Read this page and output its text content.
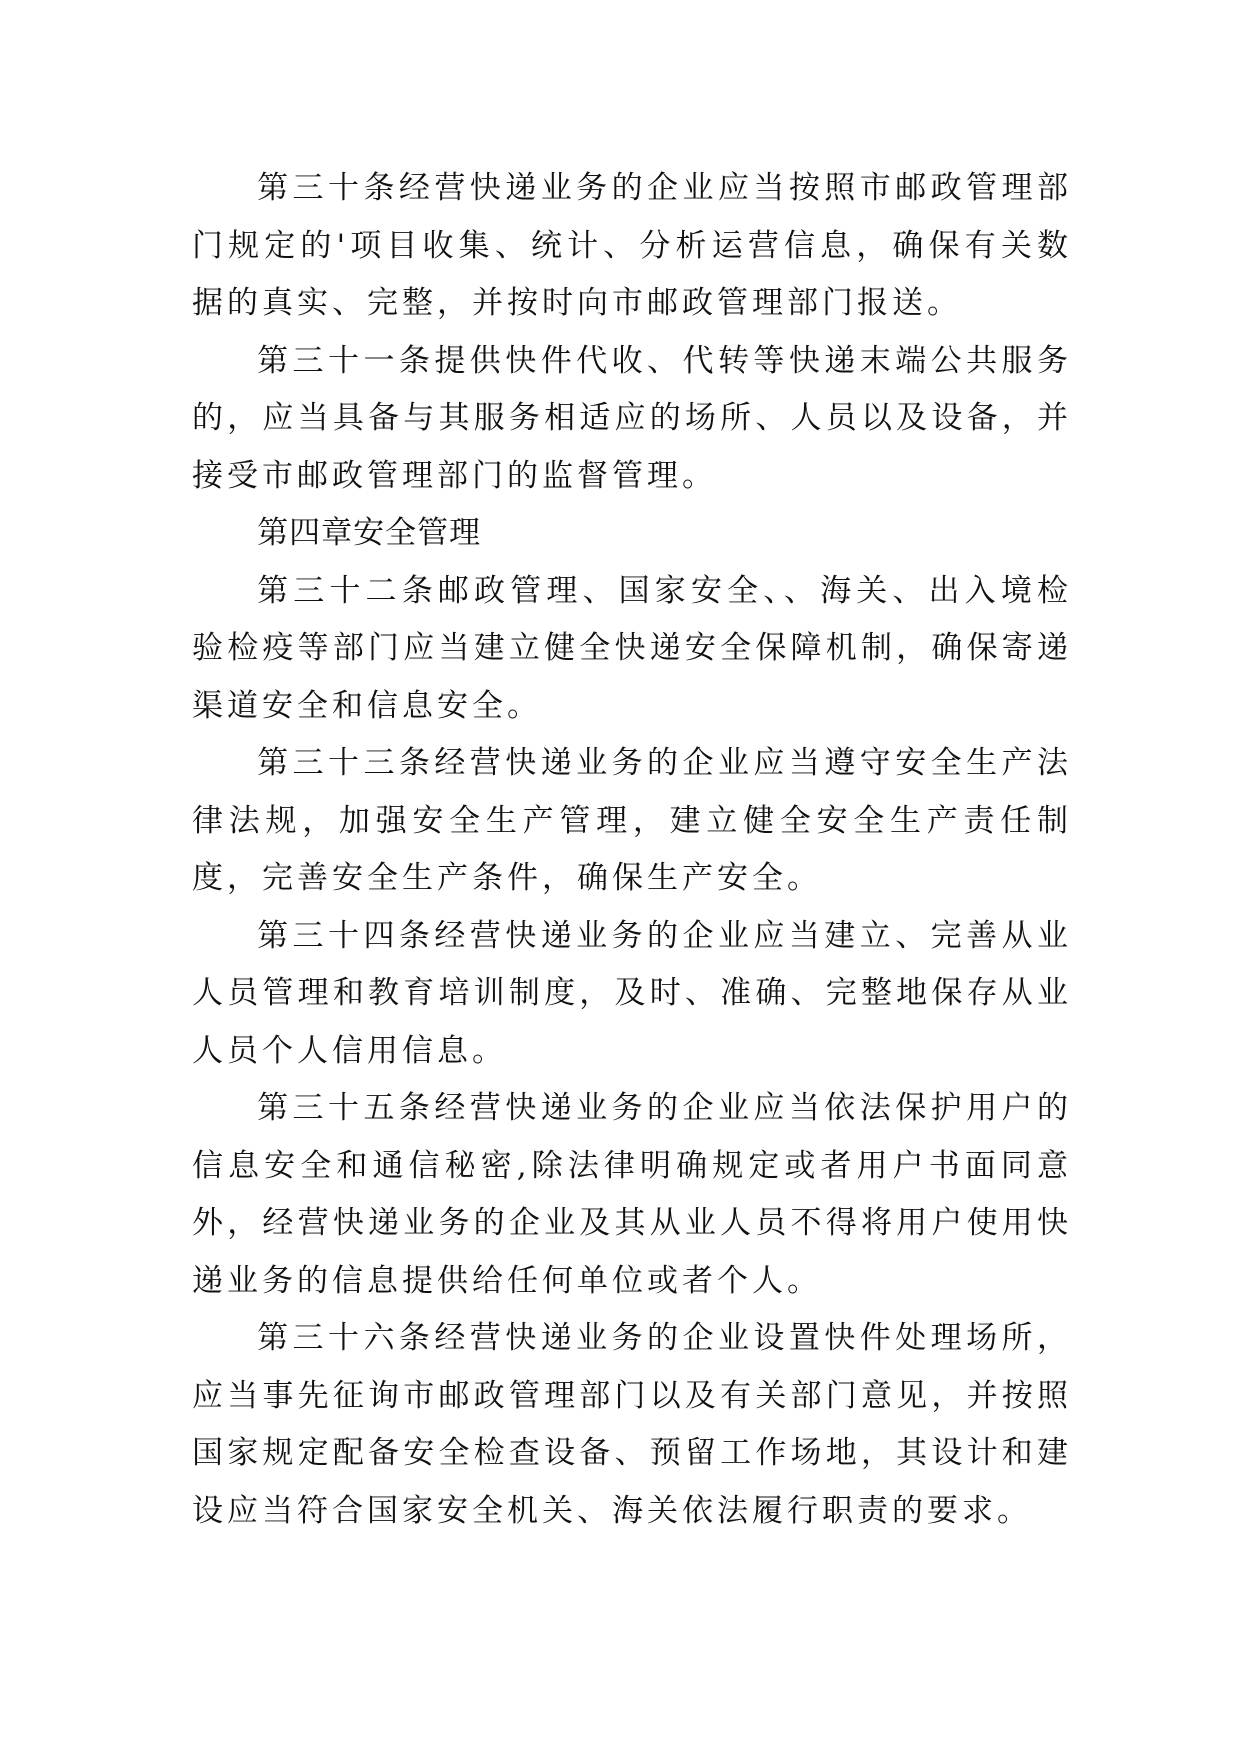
第三十条经营快递业务的企业应当按照市邮政管理部门规定的'项目收集、统计、分析运营信息，确保有关数据的真实、完整，并按时向市邮政管理部门报送。

第三十一条提供快件代收、代转等快递末端公共服务的，应当具备与其服务相适应的场所、人员以及设备，并接受市邮政管理部门的监督管理。

第四章安全管理

第三十二条邮政管理、国家安全、、海关、出入境检验检疫等部门应当建立健全快递安全保障机制，确保寄递渠道安全和信息安全。

第三十三条经营快递业务的企业应当遵守安全生产法律法规，加强安全生产管理，建立健全安全生产责任制度，完善安全生产条件，确保生产安全。

第三十四条经营快递业务的企业应当建立、完善从业人员管理和教育培训制度，及时、准确、完整地保存从业人员个人信用信息。

第三十五条经营快递业务的企业应当依法保护用户的信息安全和通信秘密,除法律明确规定或者用户书面同意外，经营快递业务的企业及其从业人员不得将用户使用快递业务的信息提供给任何单位或者个人。

第三十六条经营快递业务的企业设置快件处理场所，应当事先征询市邮政管理部门以及有关部门意见，并按照国家规定配备安全检查设备、预留工作场地，其设计和建设应当符合国家安全机关、海关依法履行职责的要求。
